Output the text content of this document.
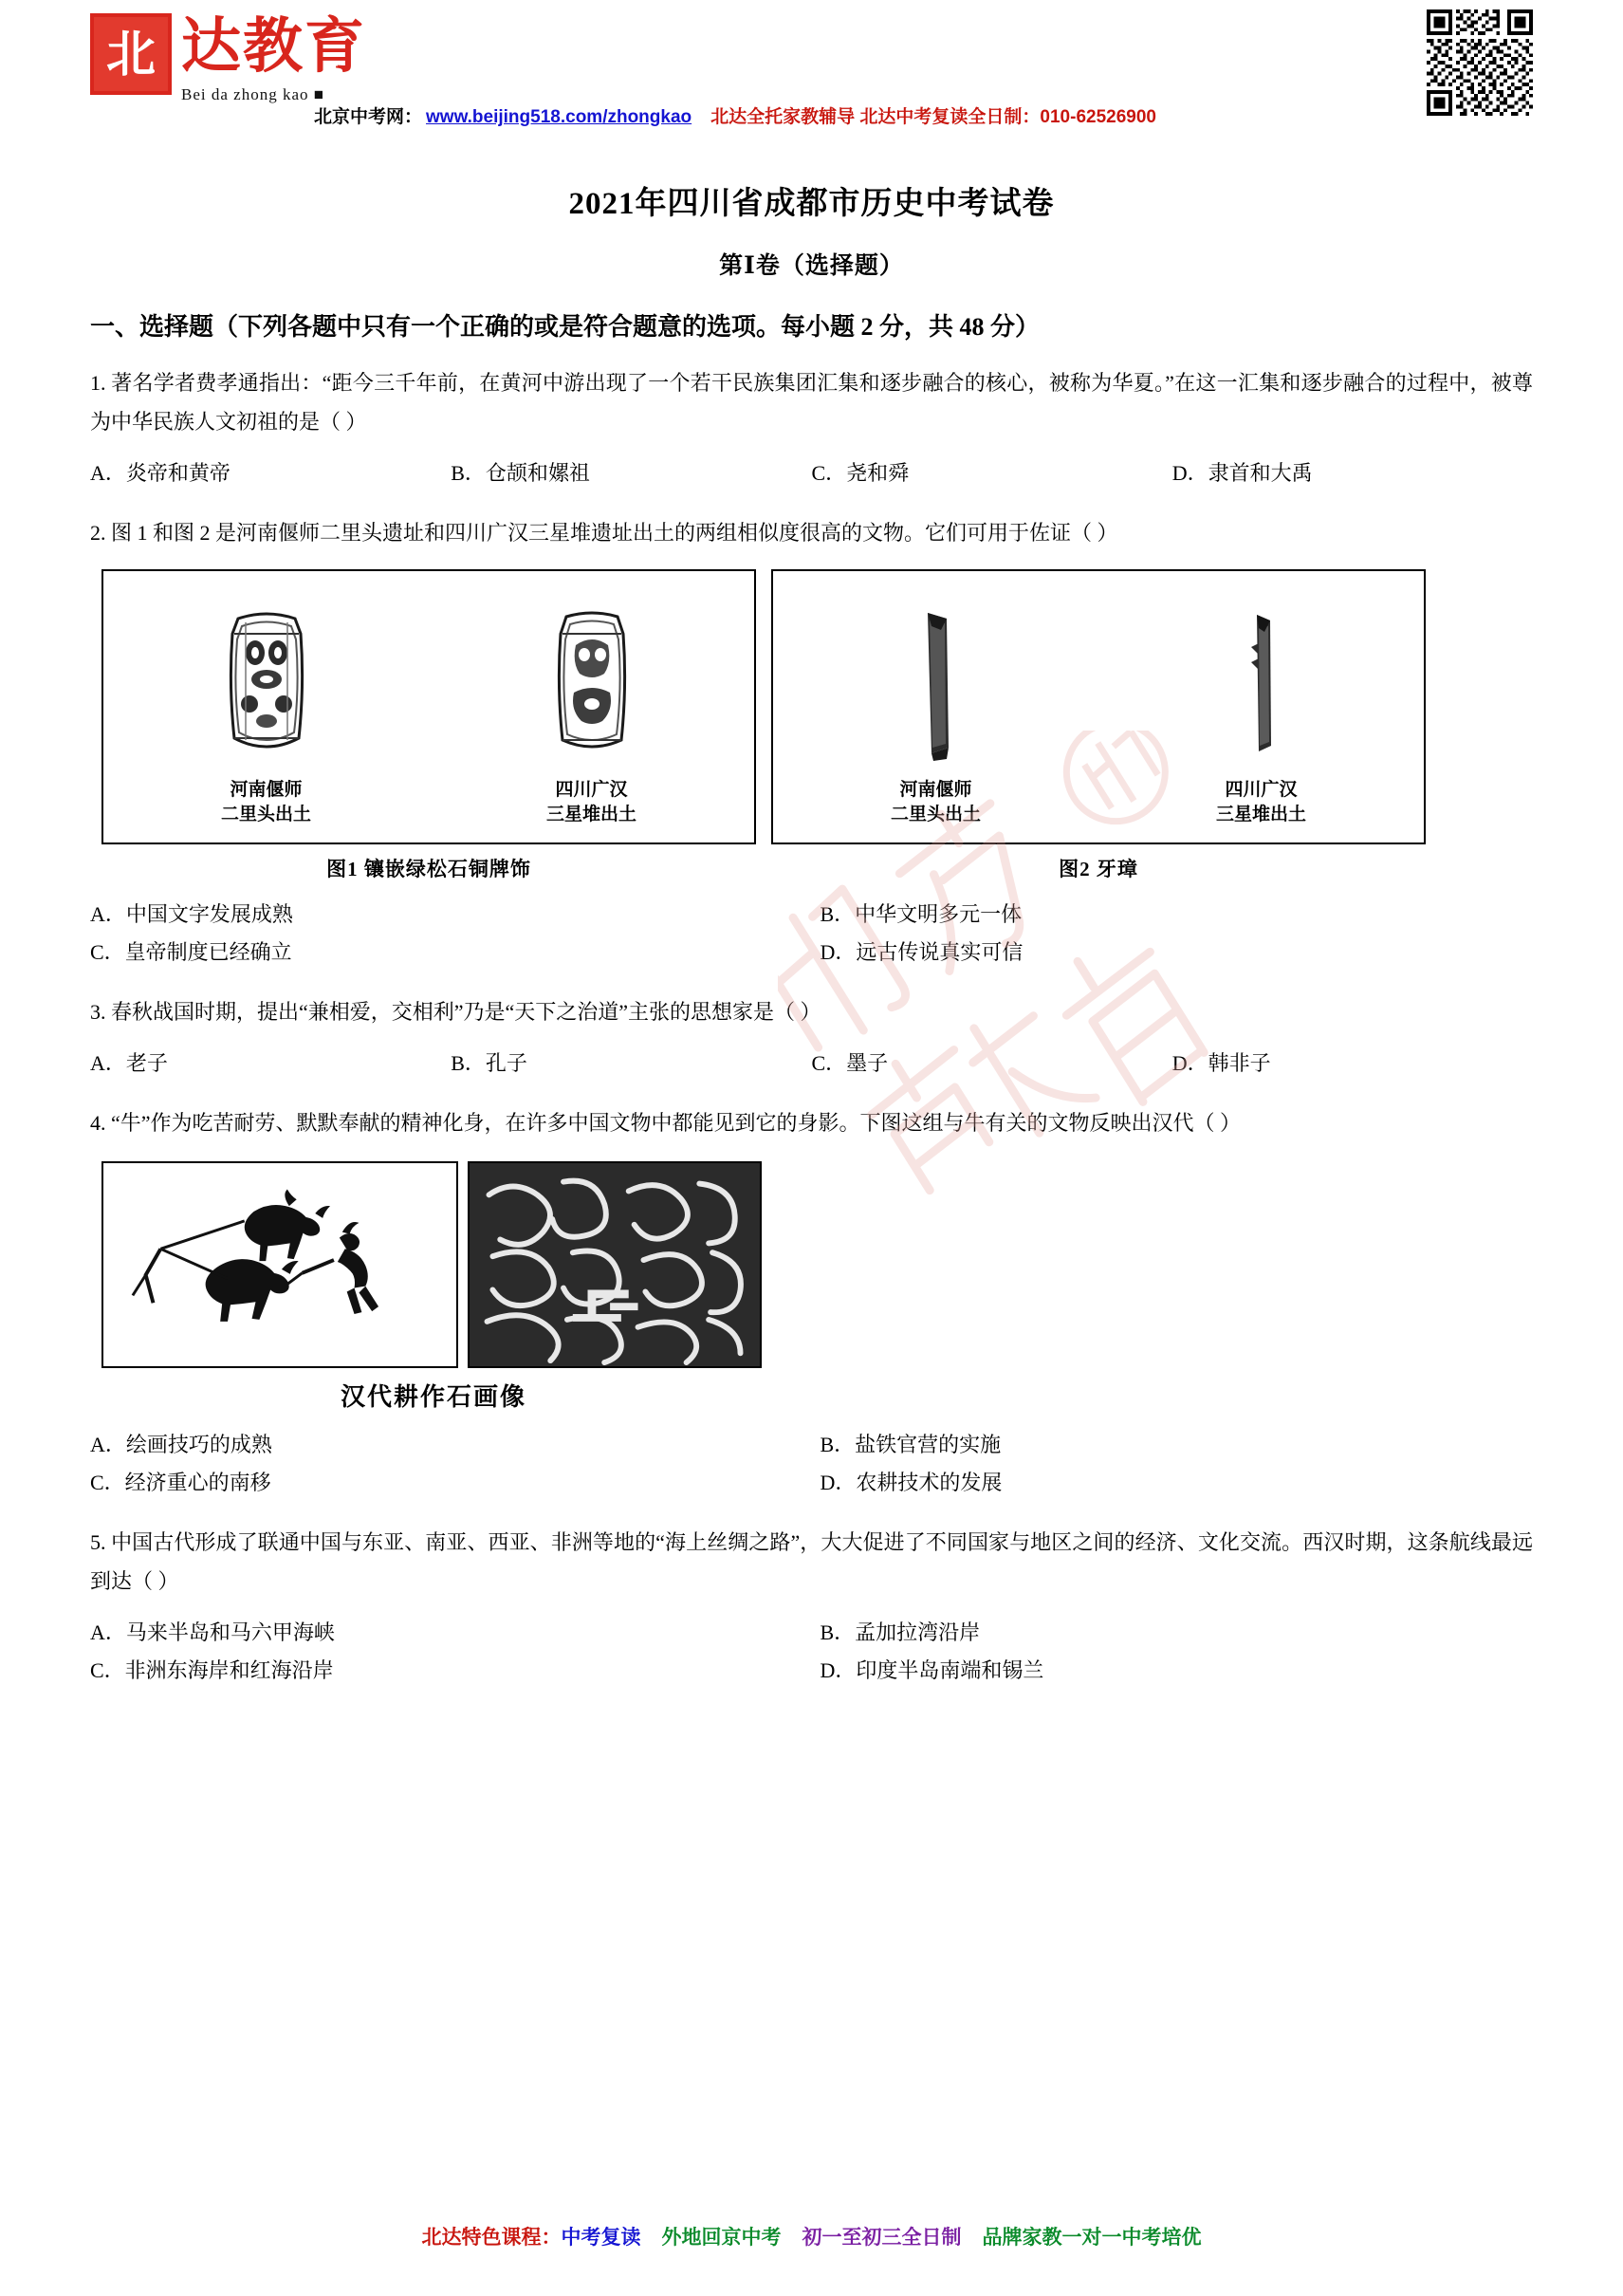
北 达教育
Bei da zhong kao ■
北京中考网： www.beijing518.com/zhongkao 北达全托家教辅导 北达中考复读全日制：010-62526900
2021年四川省成都市历史中考试卷
第Ⅰ卷（选择题）
一、选择题（下列各题中只有一个正确的或是符合题意的选项。每小题 2 分，共 48 分）

1. 著名学者费孝通指出：“距今三千年前，在黄河中游出现了一个若干民族集团汇集和逐步融合的核心，被称为华夏。”在这一汇集和逐步融合的过程中，被尊为中华民族人文初祖的是（ ）

A．炎帝和黄帝	B．仓颉和嫘祖	C．尧和舜	D．隶首和大禹

2. 图 1 和图 2 是河南偃师二里头遗址和四川广汉三星堆遗址出土的两组相似度很高的文物。它们可用于佐证（ ）

河南偃师
二里头出土
四川广汉
三星堆出土
河南偃师
二里头出土
四川广汉
三星堆出土
图1 镶嵌绿松石铜牌饰	图2 牙璋
A．中国文字发展成熟	B．中华文明多元一体
C．皇帝制度已经确立	D．远古传说真实可信

3. 春秋战国时期，提出“兼相爱，交相利”乃是“天下之治道”主张的思想家是（ ）

A．老子	B．孔子	C．墨子	D．韩非子

4. “牛”作为吃苦耐劳、默默奉献的精神化身，在许多中国文物中都能见到它的身影。下图这组与牛有关的文物反映出汉代（ ）

汉代耕作石画像
A．绘画技巧的成熟	B．盐铁官营的实施
C．经济重心的南移	D．农耕技术的发展

5. 中国古代形成了联通中国与东亚、南亚、西亚、非洲等地的“海上丝绸之路”，大大促进了不同国家与地区之间的经济、文化交流。西汉时期，这条航线最远到达（ ）

A．马来半岛和马六甲海峡	B．孟加拉湾沿岸
C．非洲东海岸和红海沿岸	D．印度半岛南端和锡兰
北达特色课程：中考复读 外地回京中考 初一至初三全日制 品牌家教一对一中考培优
